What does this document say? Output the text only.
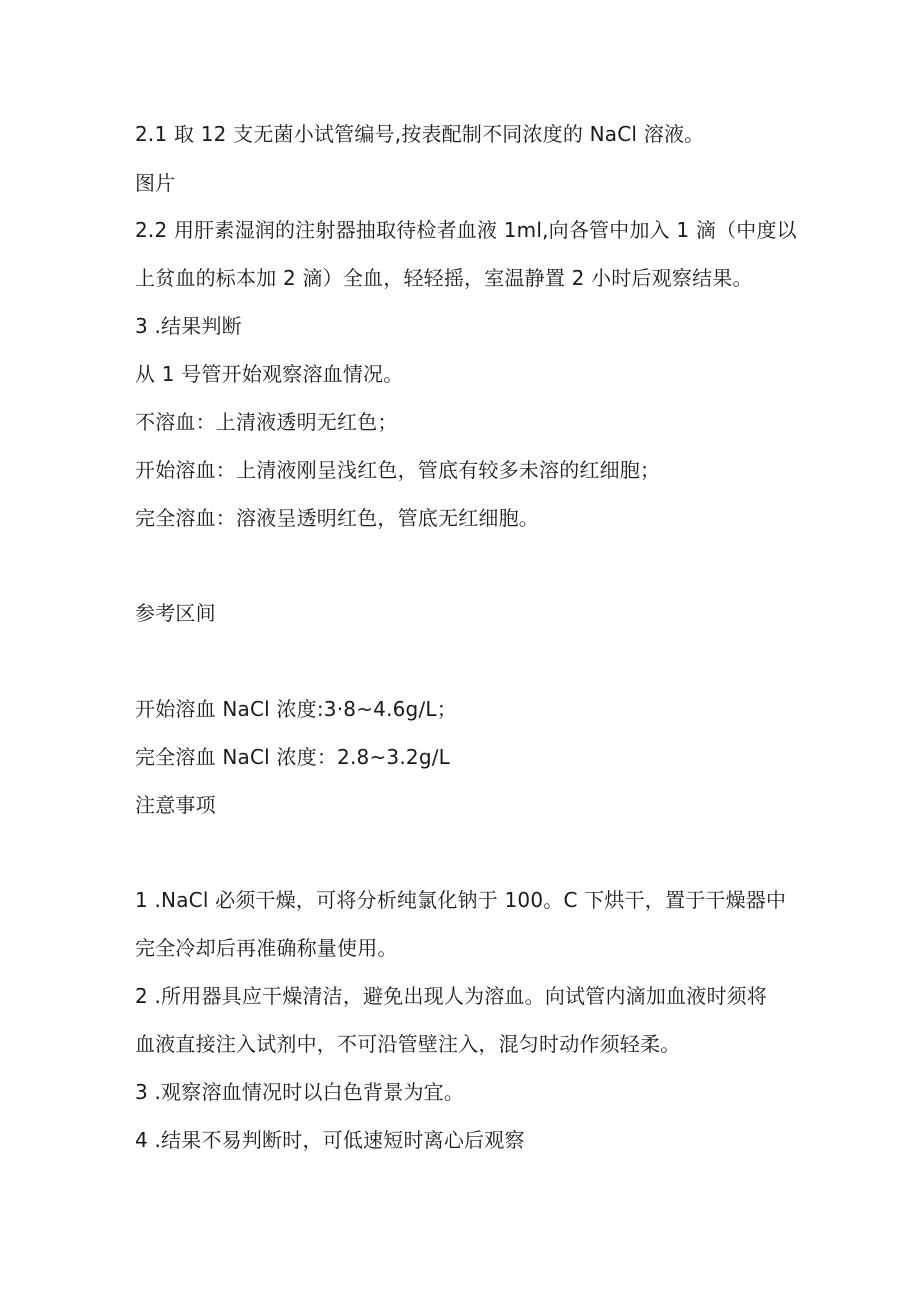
2.1 取 12 支无菌小试管编号,按表配制不同浓度的 NaCl 溶液。
图片
2.2 用肝素湿润的注射器抽取待检者血液 1ml,向各管中加入 1 滴（中度以
上贫血的标本加 2 滴）全血，轻轻摇，室温静置 2 小时后观察结果。
3 .结果判断
从 1 号管开始观察溶血情况。
不溶血：上清液透明无红色；
开始溶血：上清液刚呈浅红色，管底有较多未溶的红细胞；
完全溶血：溶液呈透明红色，管底无红细胞。
参考区间
开始溶血 NaCl 浓度:3·8~4.6g∕L；
完全溶血 NaCl 浓度：2.8~3.2g∕L
注意事项
1 .NaCl 必须干燥，可将分析纯氯化钠于 100。C 下烘干，置于干燥器中
完全冷却后再准确称量使用。
2 .所用器具应干燥清洁，避免出现人为溶血。向试管内滴加血液时须将
血液直接注入试剂中，不可沿管壁注入，混匀时动作须轻柔。
3 .观察溶血情况时以白色背景为宜。
4 .结果不易判断时，可低速短时离心后观察
